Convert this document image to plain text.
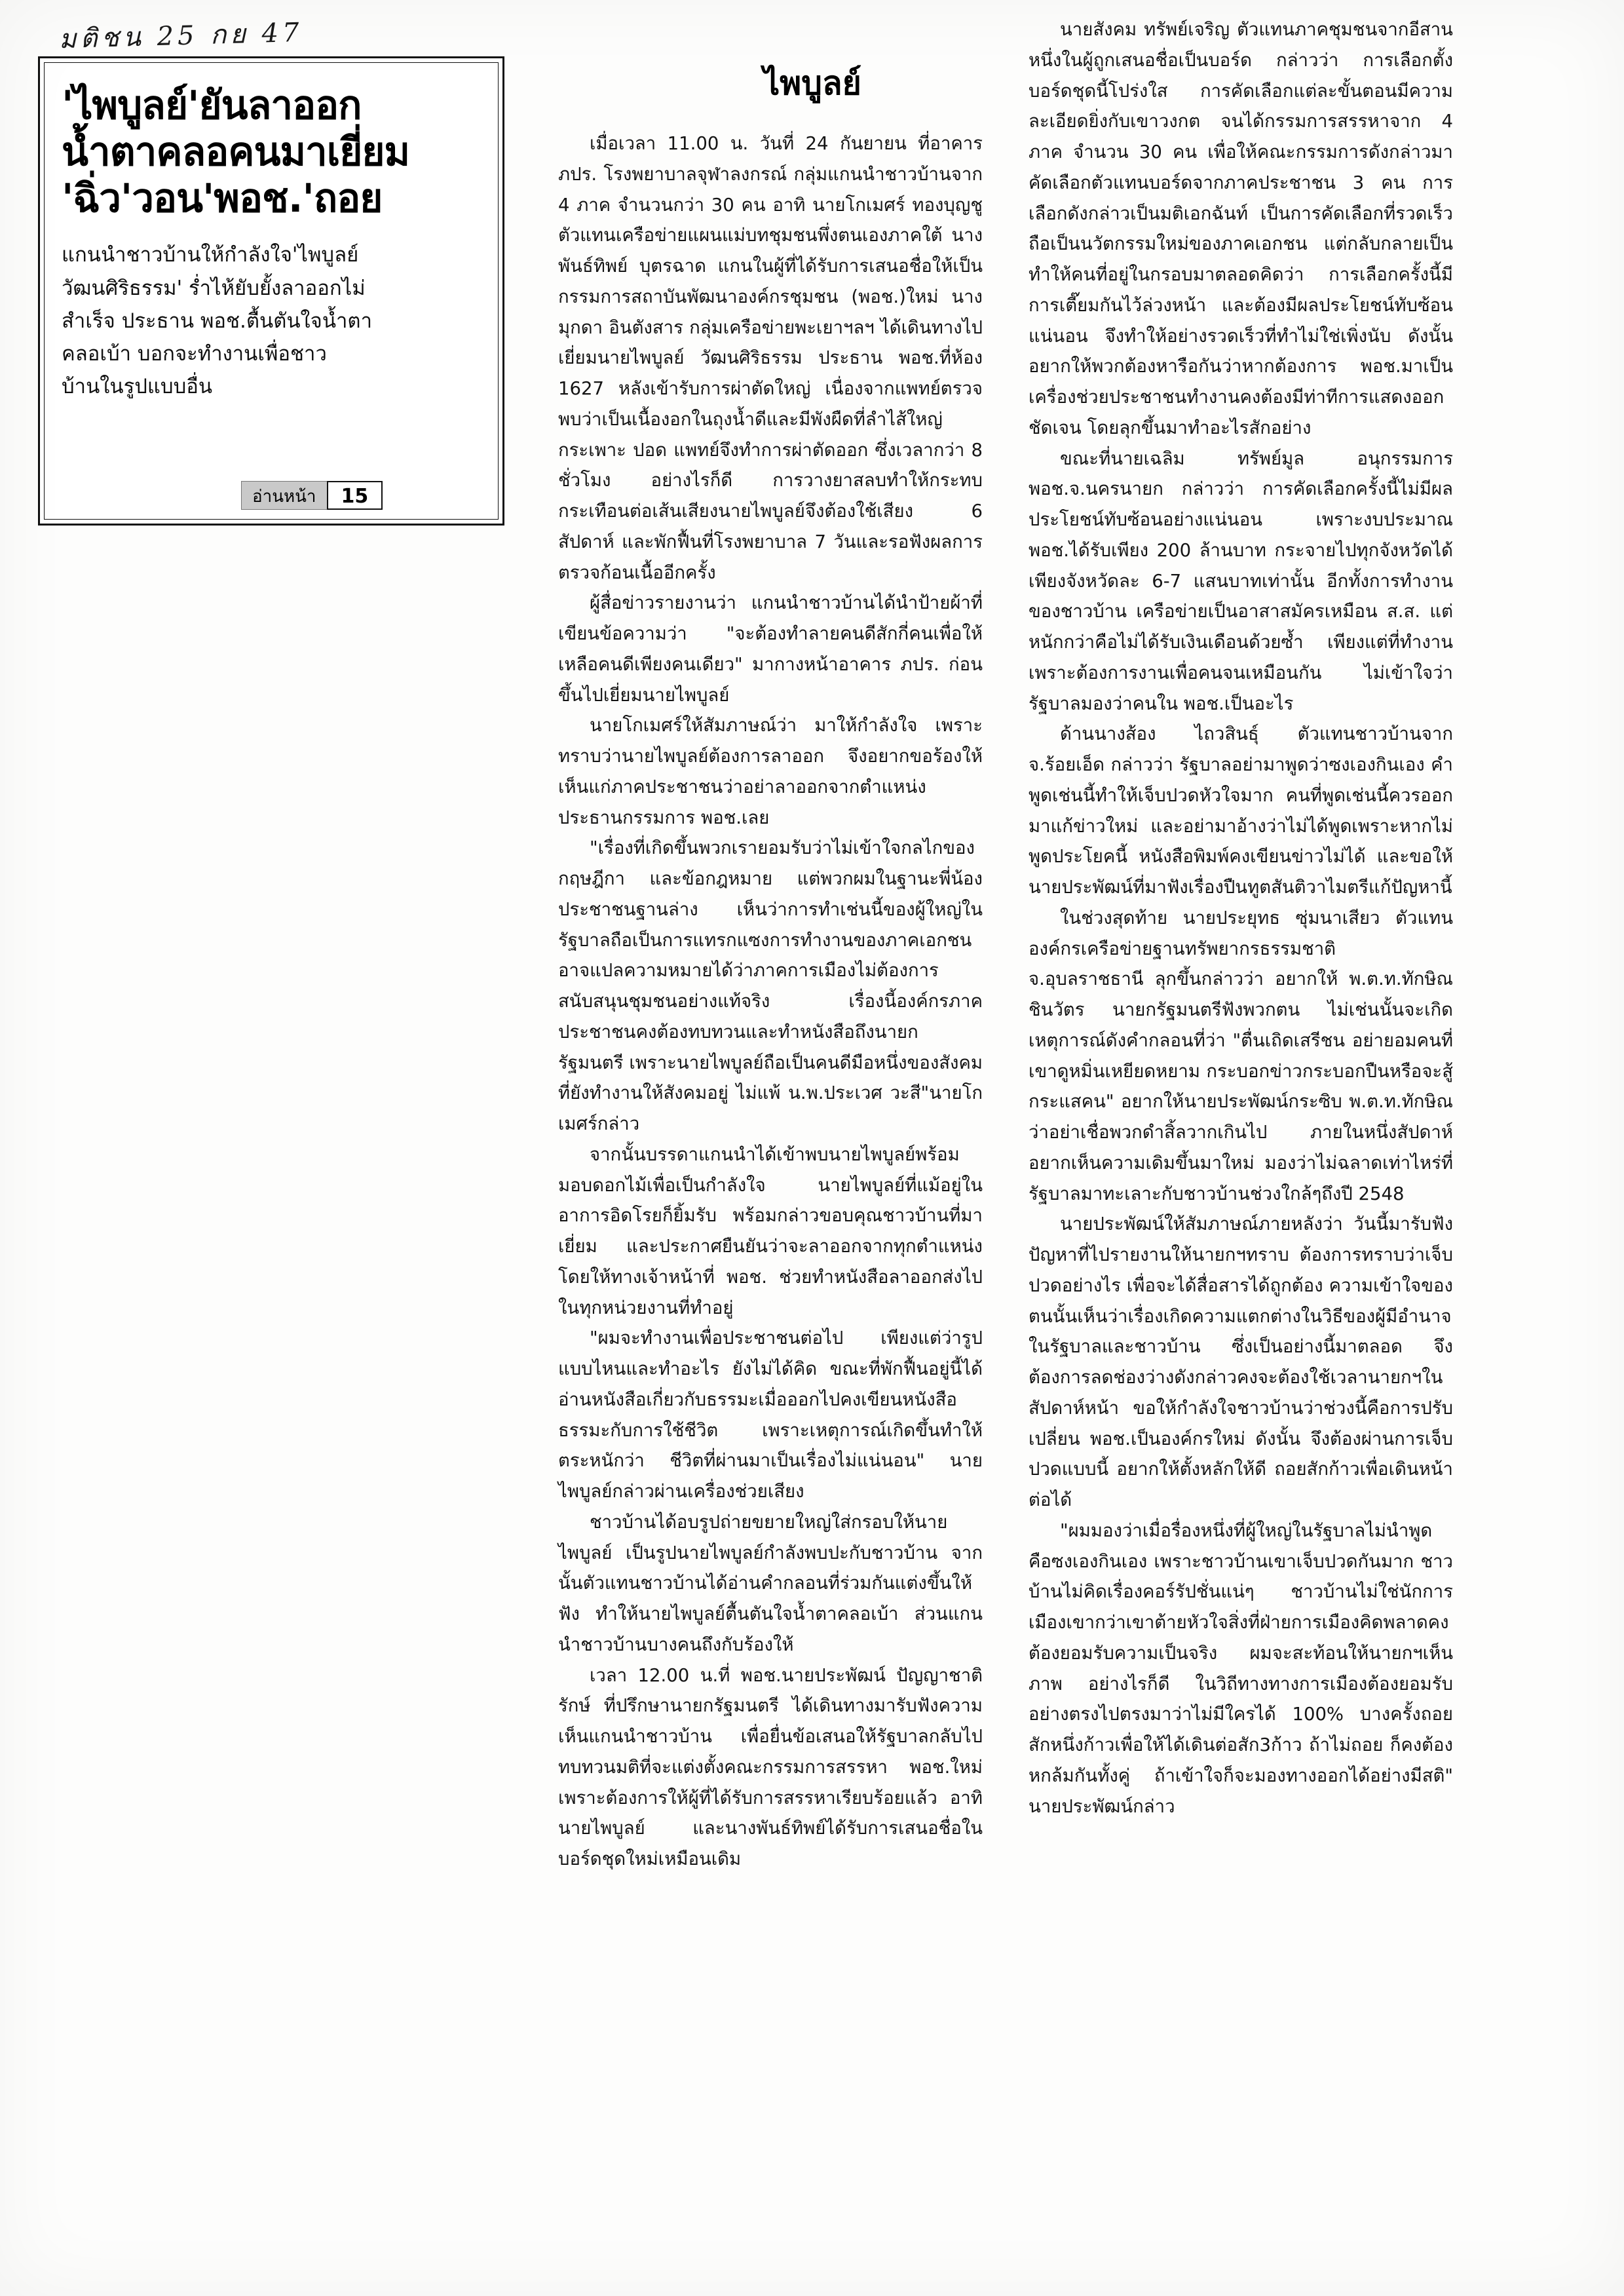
มติชน 25 กย 47
'ไพบูลย์'ยันลาออก
น้ำตาคลอคนมาเยี่ยม
'ฉิ่ว'วอน'พอช.'ถอย
แกนนำชาวบ้านให้กำลังใจ'ไพบูลย์
วัฒนศิริธรรม' ร่ำไห้ยับยั้งลาออกไม่
สำเร็จ ประธาน พอช.ตื้นตันใจน้ำตา
คลอเบ้า บอกจะทำงานเพื่อชาว
บ้านในรูปแบบอื่น
อ่านหน้า	15
ไพบูลย์

เมื่อเวลา 11.00 น. วันที่ 24 กันยายน ที่อาคาร ภปร. โรงพยาบาลจุฬาลงกรณ์ กลุ่มแกนนำชาวบ้านจาก 4 ภาค จำนวนกว่า 30 คน อาทิ นายโกเมศร์ ทองบุญชู ตัวแทนเครือข่ายแผนแม่บทชุมชนพึ่งตนเองภาคใต้ นางพันธ์ทิพย์ บุตรฉาด แกนในผู้ที่ได้รับการเสนอชื่อให้เป็นกรรมการสถาบันพัฒนาองค์กรชุมชน (พอช.)ใหม่ นางมุกดา อินตังสาร กลุ่มเครือข่ายพะเยาฯลฯ ได้เดินทางไปเยี่ยมนายไพบูลย์ วัฒนศิริธรรม ประธาน พอช.ที่ห้อง 1627 หลังเข้ารับการผ่าตัดใหญ่ เนื่องจากแพทย์ตรวจพบว่าเป็นเนื้องอกในถุงน้ำดีและมีพังผืดที่ลำไส้ใหญ่ กระเพาะ ปอด แพทย์จึงทำการผ่าตัดออก ซึ่งเวลากว่า 8 ชั่วโมง อย่างไรก็ดี การวางยาสลบทำให้กระทบกระเทือนต่อเส้นเสียงนายไพบูลย์จึงต้องใช้เสียง 6 สัปดาห์ และพักฟื้นที่โรงพยาบาล 7 วันและรอฟังผลการตรวจก้อนเนื้ออีกครั้ง

ผู้สื่อข่าวรายงานว่า แกนนำชาวบ้านได้นำป้ายผ้าที่เขียนข้อความว่า "จะต้องทำลายคนดีสักกี่คนเพื่อให้เหลือคนดีเพียงคนเดียว" มากางหน้าอาคาร ภปร. ก่อนขึ้นไปเยี่ยมนายไพบูลย์

นายโกเมศร์ให้สัมภาษณ์ว่า มาให้กำลังใจ เพราะทราบว่านายไพบูลย์ต้องการลาออก จึงอยากขอร้องให้เห็นแก่ภาคประชาชนว่าอย่าลาออกจากตำแหน่งประธานกรรมการ พอช.เลย

"เรื่องที่เกิดขึ้นพวกเรายอมรับว่าไม่เข้าใจกลไกของกฤษฎีกา และข้อกฎหมาย แต่พวกผมในฐานะพี่น้องประชาชนฐานล่าง เห็นว่าการทำเช่นนี้ของผู้ใหญ่ในรัฐบาลถือเป็นการแทรกแซงการทำงานของภาคเอกชน อาจแปลความหมายได้ว่าภาคการเมืองไม่ต้องการสนับสนุนชุมชนอย่างแท้จริง เรื่องนี้องค์กรภาคประชาชนคงต้องทบทวนและทำหนังสือถึงนายกรัฐมนตรี เพราะนายไพบูลย์ถือเป็นคนดีมือหนึ่งของสังคมที่ยังทำงานให้สังคมอยู่ ไม่แพ้ น.พ.ประเวศ วะสี"นายโกเมศร์กล่าว

จากนั้นบรรดาแกนนำได้เข้าพบนายไพบูลย์พร้อมมอบดอกไม้เพื่อเป็นกำลังใจ นายไพบูลย์ที่แม้อยู่ในอาการอิดโรยก็ยิ้มรับ พร้อมกล่าวขอบคุณชาวบ้านที่มาเยี่ยม และประกาศยืนยันว่าจะลาออกจากทุกตำแหน่ง โดยให้ทางเจ้าหน้าที่ พอช. ช่วยทำหนังสือลาออกส่งไปในทุกหน่วยงานที่ทำอยู่

"ผมจะทำงานเพื่อประชาชนต่อไป เพียงแต่ว่ารูปแบบไหนและทำอะไร ยังไม่ได้คิด ขณะที่พักฟื้นอยู่นี้ได้อ่านหนังสือเกี่ยวกับธรรมะเมื่อออกไปคงเขียนหนังสือธรรมะกับการใช้ชีวิต เพราะเหตุการณ์เกิดขึ้นทำให้ตระหนักว่า ชีวิตที่ผ่านมาเป็นเรื่องไม่แน่นอน" นายไพบูลย์กล่าวผ่านเครื่องช่วยเสียง

ชาวบ้านได้อบรูปถ่ายขยายใหญ่ใส่กรอบให้นายไพบูลย์ เป็นรูปนายไพบูลย์กำลังพบปะกับชาวบ้าน จากนั้นตัวแทนชาวบ้านได้อ่านคำกลอนที่ร่วมกันแต่งขึ้นให้ฟัง ทำให้นายไพบูลย์ตื้นตันใจน้ำตาคลอเบ้า ส่วนแกนนำชาวบ้านบางคนถึงกับร้องให้

เวลา 12.00 น.ที่ พอช.นายประพัฒน์ ปัญญาชาติรักษ์ ที่ปรึกษานายกรัฐมนตรี ได้เดินทางมารับฟังความเห็นแกนนำชาวบ้าน เพื่อยื่นข้อเสนอให้รัฐบาลกลับไปทบทวนมติที่จะแต่งตั้งคณะกรรมการสรรหา พอช.ใหม่ เพราะต้องการให้ผู้ที่ได้รับการสรรหาเรียบร้อยแล้ว อาทิ นายไพบูลย์ และนางพันธ์ทิพย์ได้รับการเสนอชื่อในบอร์ดชุดใหม่เหมือนเดิม

นายสังคม ทรัพย์เจริญ ตัวแทนภาคชุมชนจากอีสานหนึ่งในผู้ถูกเสนอชื่อเป็นบอร์ด กล่าวว่า การเลือกตั้งบอร์ดชุดนี้โปร่งใส การคัดเลือกแต่ละขั้นตอนมีความละเอียดยิ่งกับเขาวงกต จนได้กรรมการสรรหาจาก 4 ภาค จำนวน 30 คน เพื่อให้คณะกรรมการดังกล่าวมาคัดเลือกตัวแทนบอร์ดจากภาคประชาชน 3 คน การเลือกดังกล่าวเป็นมติเอกฉันท์ เป็นการคัดเลือกที่รวดเร็ว ถือเป็นนวัตกรรมใหม่ของภาคเอกชน แต่กลับกลายเป็นทำให้คนที่อยู่ในกรอบมาตลอดคิดว่า การเลือกครั้งนี้มีการเตี๊ยมกันไว้ล่วงหน้า และต้องมีผลประโยชน์ทับซ้อนแน่นอน จึงทำให้อย่างรวดเร็วที่ทำไม่ใช่เพิ่งนับ ดังนั้น อยากให้พวกต้องหารือกันว่าหากต้องการ พอช.มาเป็นเครื่องช่วยประชาชนทำงานคงต้องมีท่าทีการแสดงออกชัดเจน โดยลุกขึ้นมาทำอะไรสักอย่าง

ขณะที่นายเฉลิม ทรัพย์มูล อนุกรรมการ พอช.จ.นครนายก กล่าวว่า การคัดเลือกครั้งนี้ไม่มีผลประโยชน์ทับซ้อนอย่างแน่นอน เพราะงบประมาณ พอช.ได้รับเพียง 200 ล้านบาท กระจายไปทุกจังหวัดได้เพียงจังหวัดละ 6-7 แสนบาทเท่านั้น อีกทั้งการทำงานของชาวบ้าน เครือข่ายเป็นอาสาสมัครเหมือน ส.ส. แต่หนักกว่าคือไม่ได้รับเงินเดือนด้วยซ้ำ เพียงแต่ที่ทำงานเพราะต้องการงานเพื่อคนจนเหมือนกัน ไม่เข้าใจว่ารัฐบาลมองว่าคนใน พอช.เป็นอะไร

ด้านนางส้อง ไถวสินธุ์ ตัวแทนชาวบ้านจาก จ.ร้อยเอ็ด กล่าวว่า รัฐบาลอย่ามาพูดว่าซงเองกินเอง คำพูดเช่นนี้ทำให้เจ็บปวดหัวใจมาก คนที่พูดเช่นนี้ควรออกมาแก้ข่าวใหม่ และอย่ามาอ้างว่าไม่ได้พูดเพราะหากไม่พูดประโยคนี้ หนังสือพิมพ์คงเขียนข่าวไม่ได้ และขอให้นายประพัฒน์ที่มาฟังเรื่องปืนทูตสันติวาไมตรีแก้ปัญหานี้

ในช่วงสุดท้าย นายประยุทธ ซุ่มนาเสียว ตัวแทนองค์กรเครือข่ายฐานทรัพยากรธรรมชาติ จ.อุบลราชธานี ลุกขึ้นกล่าวว่า อยากให้ พ.ต.ท.ทักษิณ ชินวัตร นายกรัฐมนตรีฟังพวกตน ไม่เช่นนั้นจะเกิดเหตุการณ์ดังคำกลอนที่ว่า "ตื่นเถิดเสรีชน อย่ายอมคนที่เขาดูหมิ่นเหยียดหยาม กระบอกข่าวกระบอกปืนหรือจะสู้กระแสคน" อยากให้นายประพัฒน์กระซิบ พ.ต.ท.ทักษิณว่าอย่าเชื่อพวกดำสิ้ลวากเกินไป ภายในหนึ่งสัปดาห์ อยากเห็นความเดิมขึ้นมาใหม่ มองว่าไม่ฉลาดเท่าไหร่ที่รัฐบาลมาทะเลาะกับชาวบ้านช่วงใกล้ๆถึงปี 2548

นายประพัฒน์ให้สัมภาษณ์ภายหลังว่า วันนี้มารับฟังปัญหาที่ไปรายงานให้นายกฯทราบ ต้องการทราบว่าเจ็บปวดอย่างไร เพื่อจะได้สื่อสารได้ถูกต้อง ความเข้าใจของตนนั้นเห็นว่าเรื่องเกิดความแตกต่างในวิธีของผู้มีอำนาจในรัฐบาลและชาวบ้าน ซึ่งเป็นอย่างนี้มาตลอด จึงต้องการลดช่องว่างดังกล่าวคงจะต้องใช้เวลานายกฯในสัปดาห์หน้า ขอให้กำลังใจชาวบ้านว่าช่วงนี้คือการปรับเปลี่ยน พอช.เป็นองค์กรใหม่ ดังนั้น จึงต้องผ่านการเจ็บปวดแบบนี้ อยากให้ตั้งหลักให้ดี ถอยสักก้าวเพื่อเดินหน้าต่อได้

"ผมมองว่าเมื่อรื่องหนึ่งที่ผู้ใหญ่ในรัฐบาลไม่นำพูดคือซงเองกินเอง เพราะชาวบ้านเขาเจ็บปวดกันมาก ชาวบ้านไม่คิดเรื่องคอร์รัปชั่นแน่ๆ ชาวบ้านไม่ใช่นักการเมืองเขากว่าเขาต้ายหัวใจสิ่งที่ฝ่ายการเมืองคิดพลาดคงต้องยอมรับความเป็นจริง ผมจะสะท้อนให้นายกฯเห็นภาพ อย่างไรก็ดี ในวิถีทางทางการเมืองต้องยอมรับอย่างตรงไปตรงมาว่าไม่มีใครได้ 100% บางครั้งถอยสักหนึ่งก้าวเพื่อให้ได้เดินต่อสัก3ก้าว ถ้าไม่ถอย ก็คงต้องหกล้มกันทั้งคู่ ถ้าเข้าใจก็จะมองทางออกได้อย่างมีสติ" นายประพัฒน์กล่าว
